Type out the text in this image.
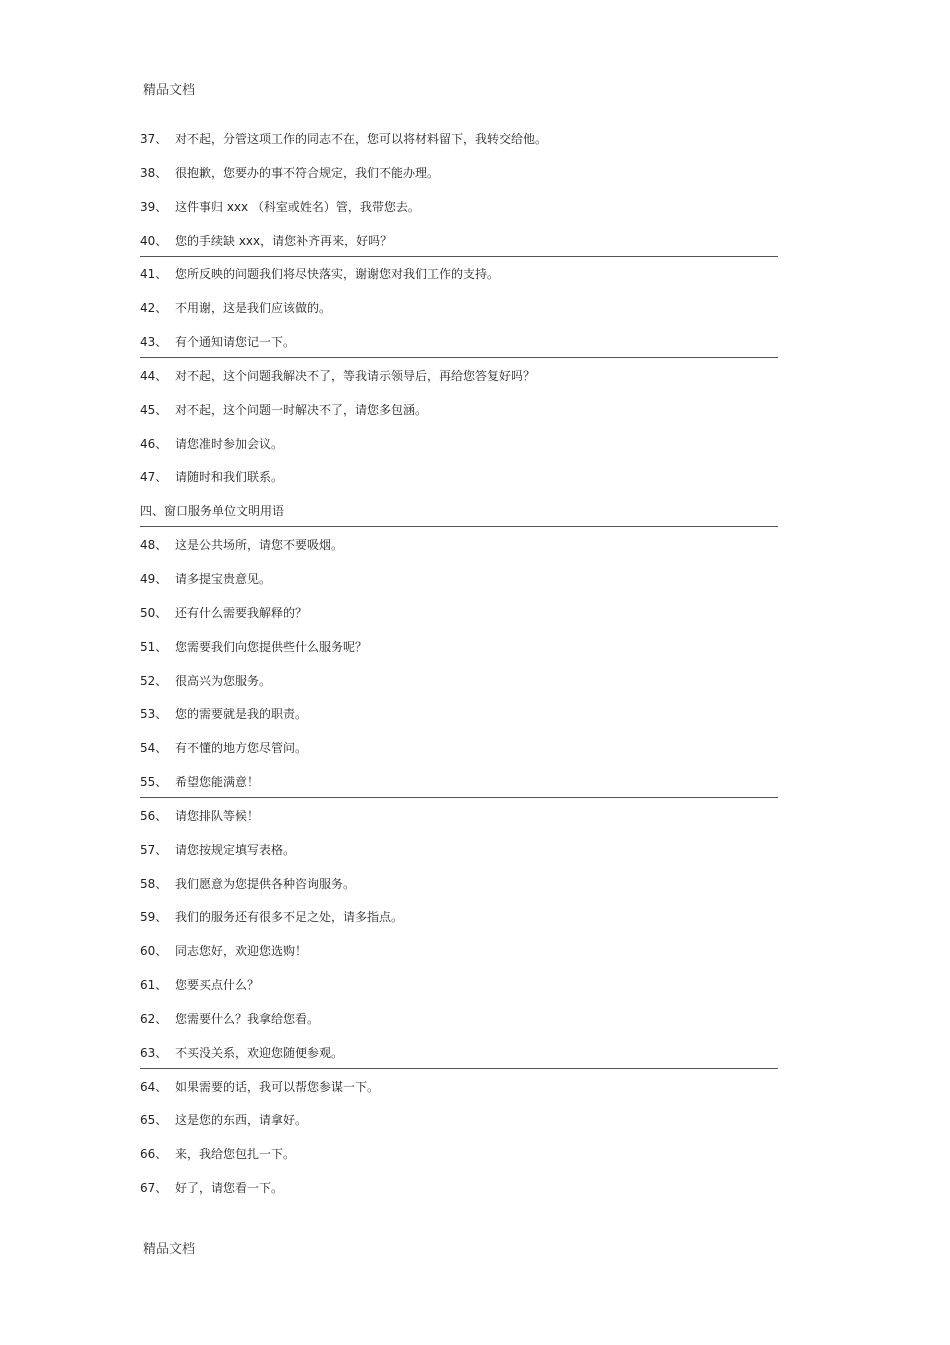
精品文档
37、 对不起，分管这项工作的同志不在，您可以将材料留下，我转交给他。
38、 很抱歉，您要办的事不符合规定，我们不能办理。
39、 这件事归 xxx （科室或姓名）管，我带您去。
40、 您的手续缺 xxx，请您补齐再来，好吗？
41、 您所反映的问题我们将尽快落实，谢谢您对我们工作的支持。
42、 不用谢，这是我们应该做的。
43、 有个通知请您记一下。
44、 对不起，这个问题我解决不了，等我请示领导后，再给您答复好吗？
45、 对不起，这个问题一时解决不了，请您多包涵。
46、 请您准时参加会议。
47、 请随时和我们联系。
四、窗口服务单位文明用语
48、 这是公共场所，请您不要吸烟。
49、 请多提宝贵意见。
50、 还有什么需要我解释的？
51、 您需要我们向您提供些什么服务呢？
52、 很高兴为您服务。
53、 您的需要就是我的职责。
54、 有不懂的地方您尽管问。
55、 希望您能满意！
56、 请您排队等候！
57、 请您按规定填写表格。
58、 我们愿意为您提供各种咨询服务。
59、 我们的服务还有很多不足之处，请多指点。
60、 同志您好，欢迎您选购！
61、 您要买点什么？
62、 您需要什么？我拿给您看。
63、 不买没关系，欢迎您随便参观。
64、 如果需要的话，我可以帮您参谋一下。
65、 这是您的东西，请拿好。
66、 来，我给您包扎一下。
67、 好了，请您看一下。
精品文档
